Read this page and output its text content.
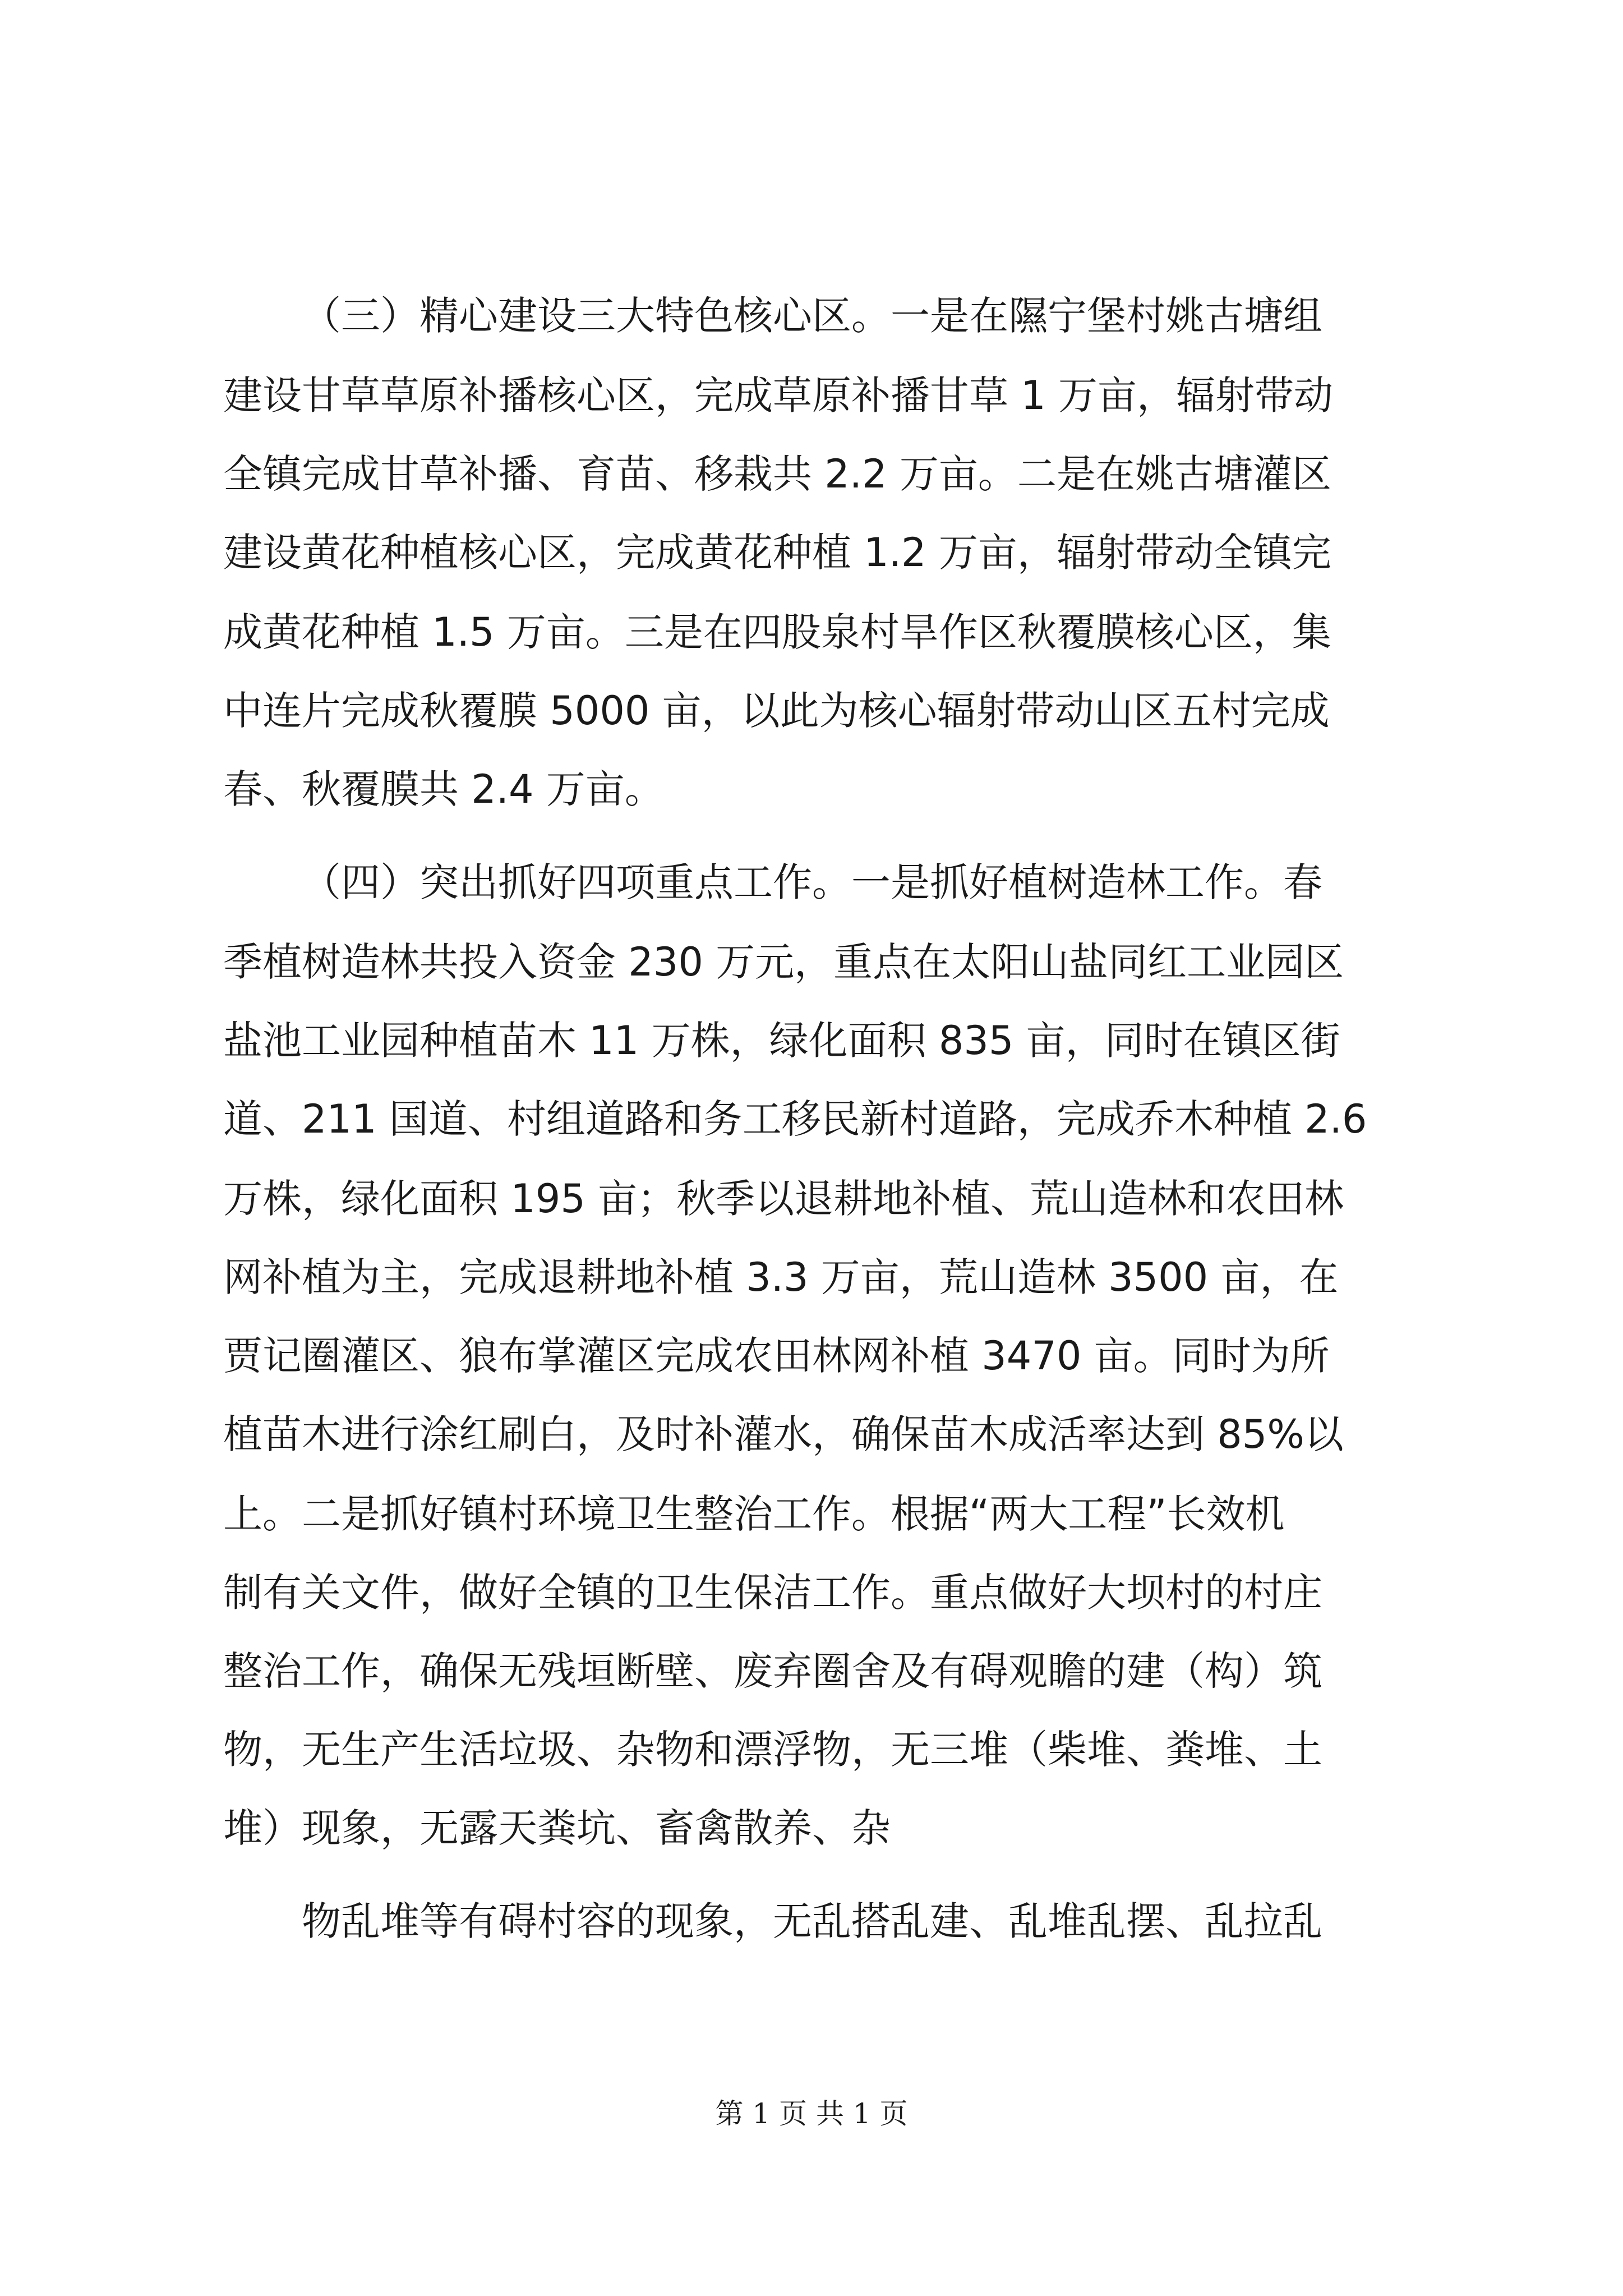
（三）精心建设三大特色核心区。一是在隰宁堡村姚古塘组
建设甘草草原补播核心区，完成草原补播甘草 1 万亩，辐射带动
全镇完成甘草补播、育苗、移栽共 2.2 万亩。二是在姚古塘灌区
建设黄花种植核心区，完成黄花种植 1.2 万亩，辐射带动全镇完
成黄花种植 1.5 万亩。三是在四股泉村旱作区秋覆膜核心区，集
中连片完成秋覆膜 5000 亩，以此为核心辐射带动山区五村完成
春、秋覆膜共 2.4 万亩。
（四）突出抓好四项重点工作。一是抓好植树造林工作。春
季植树造林共投入资金 230 万元，重点在太阳山盐同红工业园区
盐池工业园种植苗木 11 万株，绿化面积 835 亩，同时在镇区街
道、211 国道、村组道路和务工移民新村道路，完成乔木种植 2.6
万株，绿化面积 195 亩；秋季以退耕地补植、荒山造林和农田林
网补植为主，完成退耕地补植 3.3 万亩，荒山造林 3500 亩，在
贾记圈灌区、狼布掌灌区完成农田林网补植 3470 亩。同时为所
植苗木进行涂红刷白，及时补灌水，确保苗木成活率达到 85%以
上。二是抓好镇村环境卫生整治工作。根据“两大工程”长效机
制有关文件，做好全镇的卫生保洁工作。重点做好大坝村的村庄
整治工作，确保无残垣断壁、废弃圈舍及有碍观瞻的建（构）筑
物，无生产生活垃圾、杂物和漂浮物，无三堆（柴堆、粪堆、土
堆）现象，无露天粪坑、畜禽散养、杂
物乱堆等有碍村容的现象，无乱搭乱建、乱堆乱摆、乱拉乱
第 1 页 共 1 页
